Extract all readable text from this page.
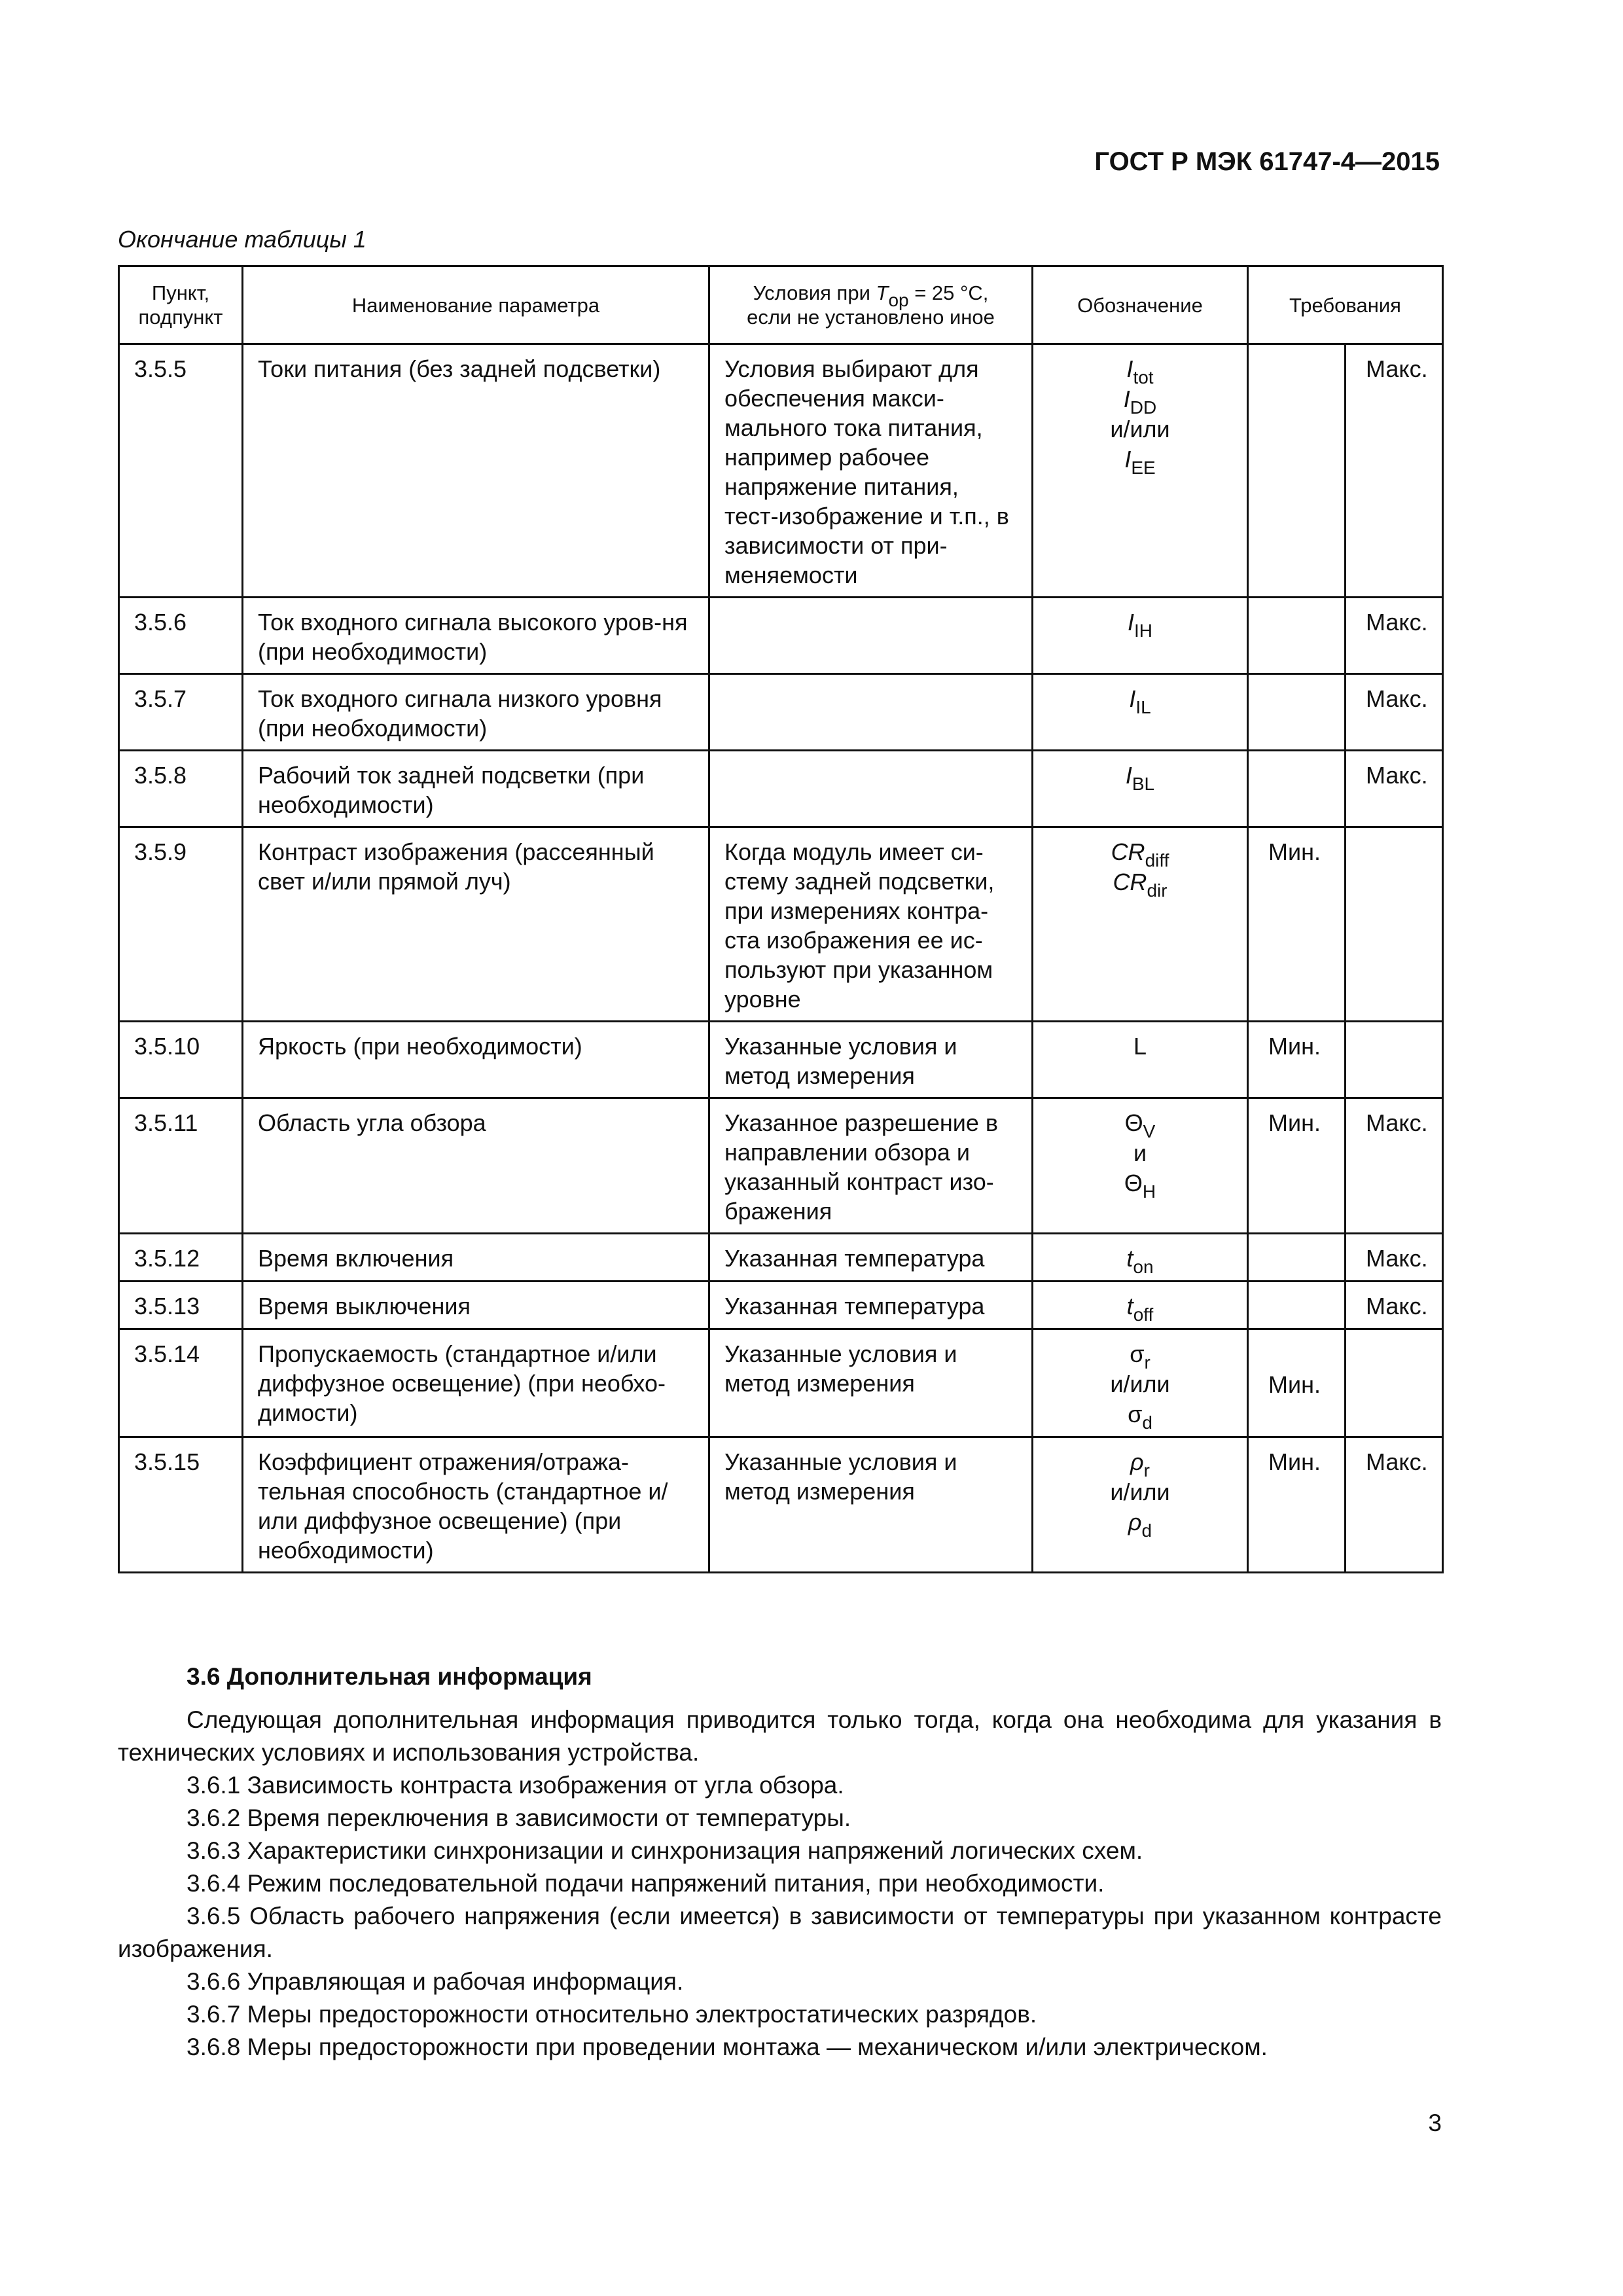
ГОСТ Р МЭК 61747-4—2015
Окончание таблицы 1
Пункт,
подпункт	Наименование параметра	Условия при Top = 25 °C,
если не установлено иное	Обозначение	Требования	
3.5.5	Токи питания (без задней подсветки)	Условия выбирают для обеспечения макси-мального тока питания, например рабочее напряжение питания, тест-изображение и т.п., в зависимости от при-меняемости	$I_{tot}$
$I_{DD}$
и/или
$I_{EE}$		Макс.
3.5.6	Ток входного сигнала высокого уров-ня (при необходимости)		$I_{IH}$		Макс.
3.5.7	Ток входного сигнала низкого уровня (при необходимости)		$I_{IL}$		Макс.
3.5.8	Рабочий ток задней подсветки (при необходимости)		$I_{BL}$		Макс.
3.5.9	Контраст изображения (рассеянный свет и/или прямой луч)	Когда модуль имеет си-стему задней подсветки, при измерениях контра-ста изображения ее ис-пользуют при указанном уровне	$CR_{diff}$
$CR_{dir}$	Мин.	
3.5.10	Яркость (при необходимости)	Указанные условия и метод измерения	L	Мин.	
3.5.11	Область угла обзора	Указанное разрешение в направлении обзора и указанный контраст изо-бражения	$\Theta_V$
и
$\Theta_H$	Мин.	Макс.
3.5.12	Время включения	Указанная температура	$t_{on}$		Макс.
3.5.13	Время выключения	Указанная температура	$t_{off}$		Макс.
3.5.14	Пропускаемость (стандартное и/или диффузное освещение) (при необхо-димости)	Указанные условия и метод измерения	$\sigma_r$
и/или
$\sigma_d$	Мин.	
3.5.15	Коэффициент отражения/отража-тельная способность (стандартное и/или диффузное освещение) (при необходимости)	Указанные условия и метод измерения	$\rho_r$
и/или
$\rho_d$	Мин.	Макс.
3.6 Дополнительная информация

Следующая дополнительная информация приводится только тогда, когда она необходима для указания в технических условиях и использования устройства.

3.6.1 Зависимость контраста изображения от угла обзора.

3.6.2 Время переключения в зависимости от температуры.

3.6.3 Характеристики синхронизации и синхронизация напряжений логических схем.

3.6.4 Режим последовательной подачи напряжений питания, при необходимости.

3.6.5 Область рабочего напряжения (если имеется) в зависимости от температуры при указанном контрасте изображения.

3.6.6 Управляющая и рабочая информация.

3.6.7 Меры предосторожности относительно электростатических разрядов.

3.6.8 Меры предосторожности при проведении монтажа — механическом и/или электрическом.

3
